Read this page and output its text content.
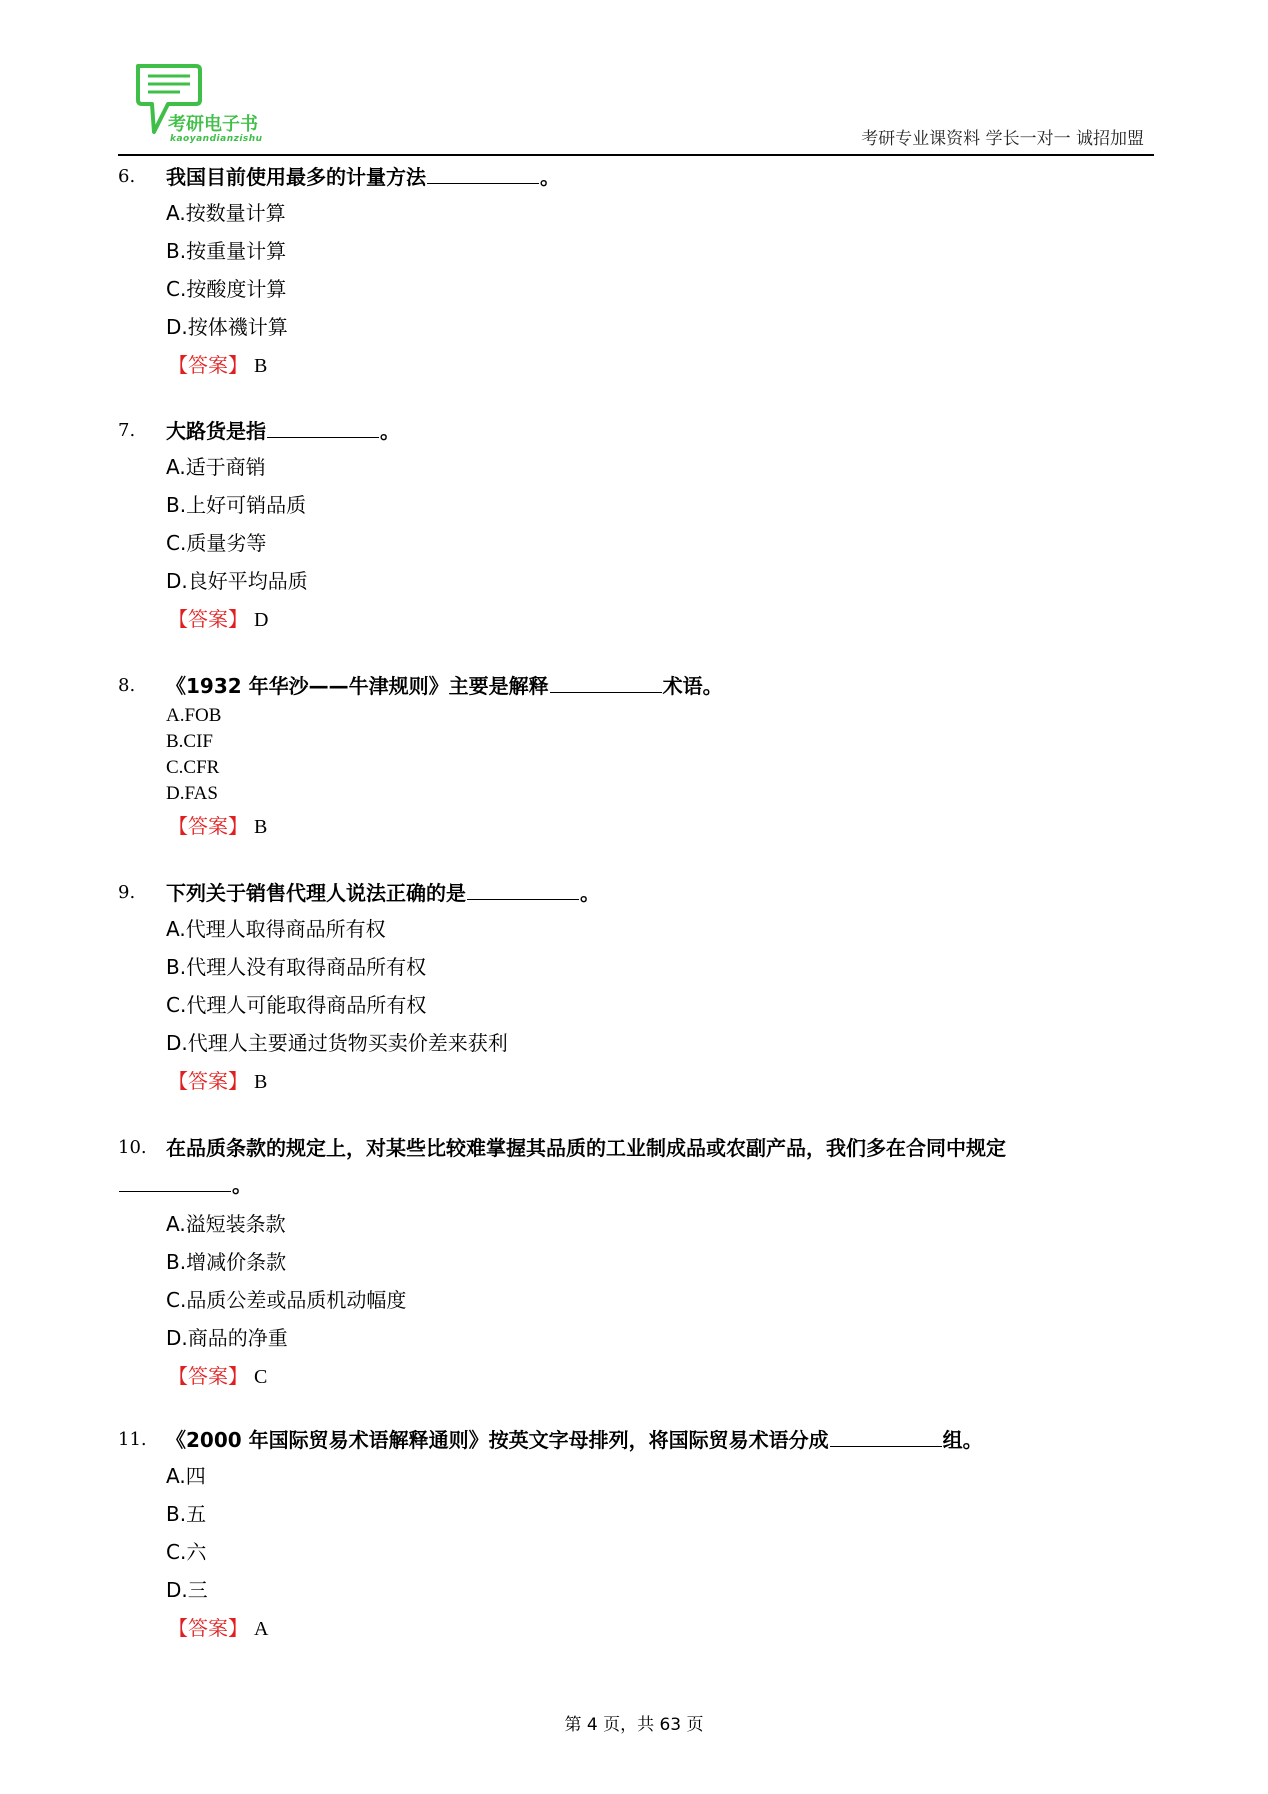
考研电子书
kaoyandianzishu	考研专业课资料 学长一对一 诚招加盟
6. 我国目前使用最多的计量方法	。
A.按数量计算
B.按重量计算
C.按酸度计算
D.按体禨计算
【答案】 B
7. 大路货是指	。
A.适于商销
B.上好可销品质
C.质量劣等
D.良好平均品质
【答案】 D
8. 《1932 年华沙——牛津规则》主要是解释	术语。
A.FOB
B.CIF
C.CFR
D.FAS
【答案】 B
9. 下列关于销售代理人说法正确的是	。
A.代理人取得商品所有权
B.代理人没有取得商品所有权
C.代理人可能取得商品所有权
D.代理人主要通过货物买卖价差来获利
【答案】 B
10. 在品质条款的规定上，对某些比较难掌握其品质的工业制成品或农副产品，我们多在合同中规定
。
A.溢短装条款
B.增减价条款
C.品质公差或品质机动幅度
D.商品的净重
【答案】 C
11. 《2000 年国际贸易术语解释通则》按英文字母排列，将国际贸易术语分成	组。
A.四
B.五
C.六
D.三
【答案】 A
第 4 页，共 63 页
